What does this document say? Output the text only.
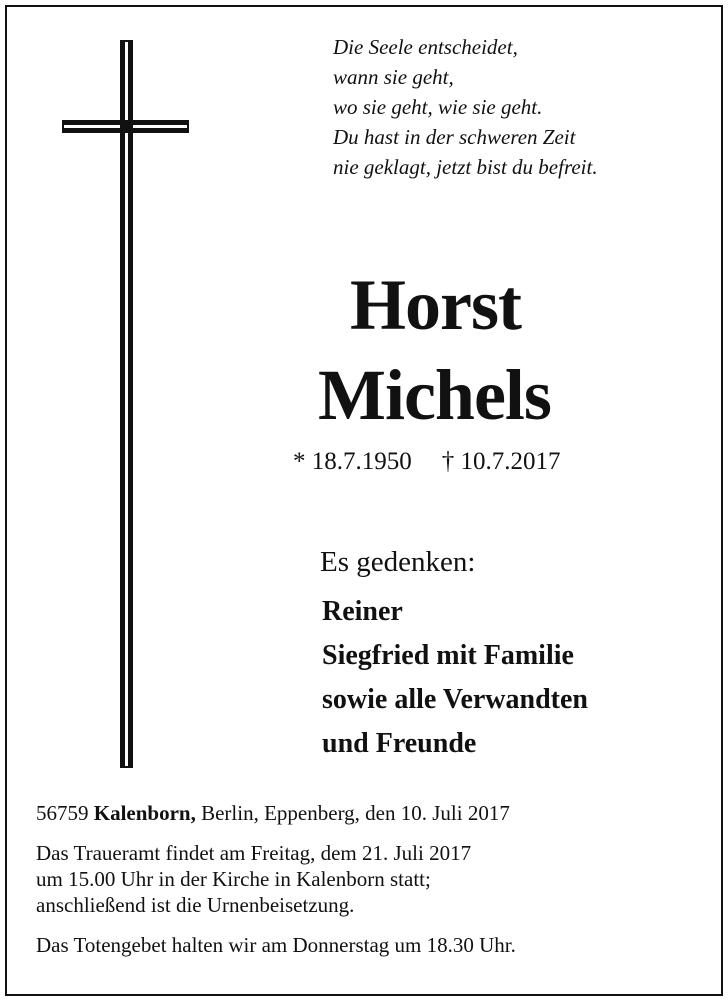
Die Seele entscheidet,
wann sie geht,
wo sie geht, wie sie geht.
Du hast in der schweren Zeit
nie geklagt, jetzt bist du befreit.
Horst
Michels
* 18.7.1950 † 10.7.2017
Es gedenken:
Reiner
Siegfried mit Familie
sowie alle Verwandten
und Freunde
56759 Kalenborn, Berlin, Eppenberg, den 10. Juli 2017
Das Traueramt findet am Freitag, dem 21. Juli 2017
um 15.00 Uhr in der Kirche in Kalenborn statt;
anschließend ist die Urnenbeisetzung.
Das Totengebet halten wir am Donnerstag um 18.30 Uhr.
